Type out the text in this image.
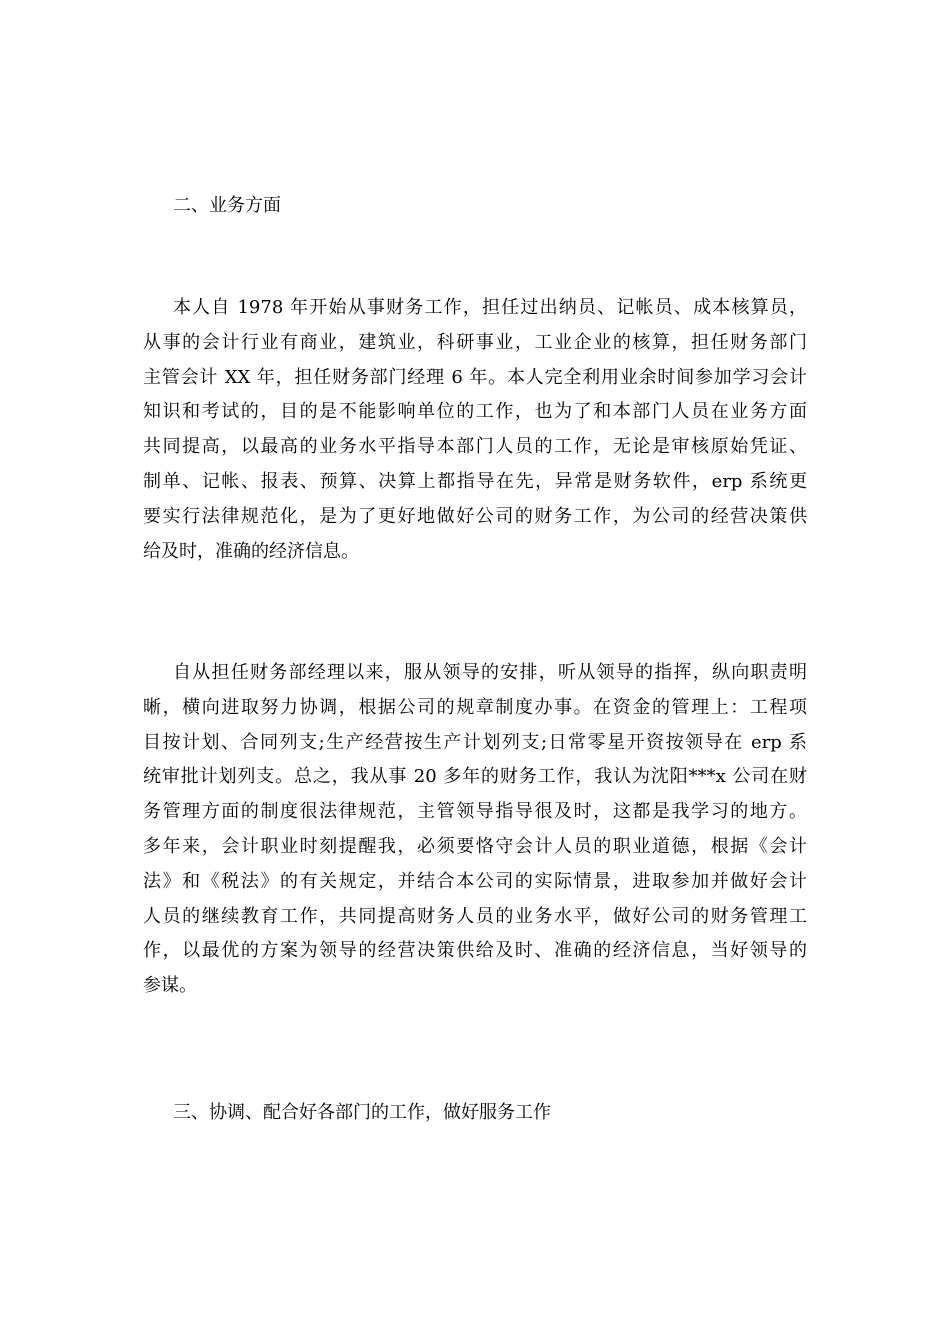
二、业务方面

本人自 1978 年开始从事财务工作，担任过出纳员、记帐员、成本核算员，
从事的会计行业有商业，建筑业，科研事业，工业企业的核算，担任财务部门
主管会计 XX 年，担任财务部门经理 6 年。本人完全利用业余时间参加学习会计
知识和考试的，目的是不能影响单位的工作，也为了和本部门人员在业务方面
共同提高，以最高的业务水平指导本部门人员的工作，无论是审核原始凭证、
制单、记帐、报表、预算、决算上都指导在先，异常是财务软件，erp 系统更
要实行法律规范化，是为了更好地做好公司的财务工作，为公司的经营决策供
给及时，准确的经济信息。
自从担任财务部经理以来，服从领导的安排，听从领导的指挥，纵向职责明
晰，横向进取努力协调，根据公司的规章制度办事。在资金的管理上：工程项
目按计划、合同列支;生产经营按生产计划列支;日常零星开资按领导在 erp 系
统审批计划列支。总之，我从事 20 多年的财务工作，我认为沈阳***x 公司在财
务管理方面的制度很法律规范，主管领导指导很及时，这都是我学习的地方。
多年来，会计职业时刻提醒我，必须要恪守会计人员的职业道德，根据《会计
法》和《税法》的有关规定，并结合本公司的实际情景，进取参加并做好会计
人员的继续教育工作，共同提高财务人员的业务水平，做好公司的财务管理工
作，以最优的方案为领导的经营决策供给及时、准确的经济信息，当好领导的
参谋。

三、协调、配合好各部门的工作，做好服务工作
